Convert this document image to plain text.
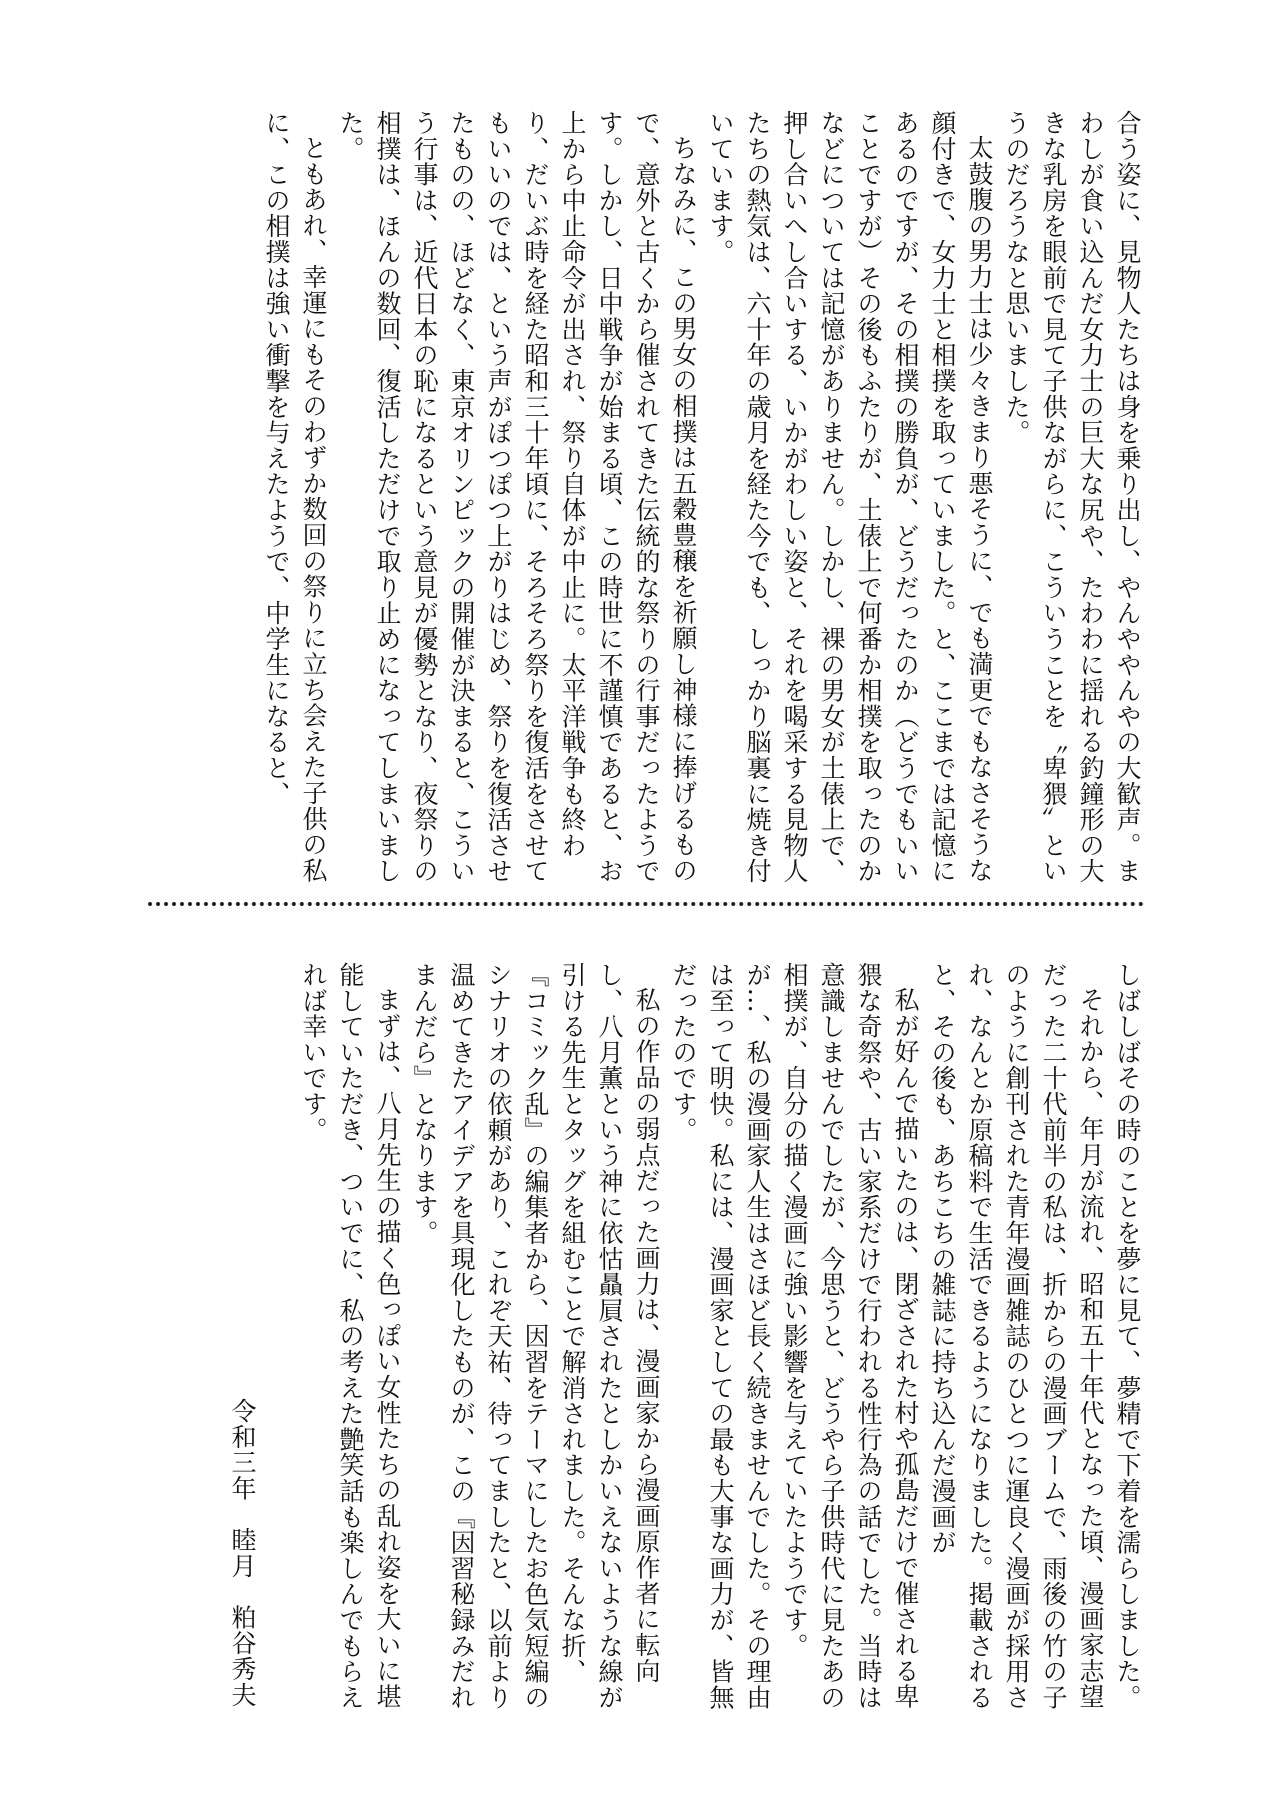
合う姿に、見物人たちは身を乗り出し、やんややんやの大歓声。まわしが食い込んだ女力士の巨大な尻や、たわわに揺れる釣鐘形の大きな乳房を眼前で見て子供ながらに、こういうことを〝卑猥〟というのだろうなと思いました。

太鼓腹の男力士は少々きまり悪そうに、でも満更でもなさそうな顔付きで、女力士と相撲を取っていました。と、ここまでは記憶にあるのですが、その相撲の勝負が、どうだったのか（どうでもいいことですが）その後もふたりが、土俵上で何番か相撲を取ったのかなどについては記憶がありません。しかし、裸の男女が土俵上で、押し合いへし合いする、いかがわしい姿と、それを喝采する見物人たちの熱気は、六十年の歳月を経た今でも、しっかり脳裏に焼き付いています。

ちなみに、この男女の相撲は五穀豊穣を祈願し神様に捧げるもので、意外と古くから催されてきた伝統的な祭りの行事だったようです。しかし、日中戦争が始まる頃、この時世に不謹慎であると、お上から中止命令が出され、祭り自体が中止に。太平洋戦争も終わり、だいぶ時を経た昭和三十年頃に、そろそろ祭りを復活をさせてもいいのでは、という声がぽつぽつ上がりはじめ、祭りを復活させたものの、ほどなく、東京オリンピックの開催が決まると、こういう行事は、近代日本の恥になるという意見が優勢となり、夜祭りの相撲は、ほんの数回、復活しただけで取り止めになってしまいました。

ともあれ、幸運にもそのわずか数回の祭りに立ち会えた子供の私に、この相撲は強い衝撃を与えたようで、中学生になると、

しばしばその時のことを夢に見て、夢精で下着を濡らしました。

それから、年月が流れ、昭和五十年代となった頃、漫画家志望だった二十代前半の私は、折からの漫画ブームで、雨後の竹の子のように創刊された青年漫画雑誌のひとつに運良く漫画が採用され、なんとか原稿料で生活できるようになりました。掲載されると、その後も、あちこちの雑誌に持ち込んだ漫画が

私が好んで描いたのは、閉ざされた村や孤島だけで催される卑猥な奇祭や、古い家系だけで行われる性行為の話でした。当時は意識しませんでしたが、今思うと、どうやら子供時代に見たあの相撲が、自分の描く漫画に強い影響を与えていたようです。が…、私の漫画家人生はさほど長く続きませんでした。その理由は至って明快。私には、漫画家としての最も大事な画力が、皆無だったのです。

私の作品の弱点だった画力は、漫画家から漫画原作者に転向し、八月薫という神に依怙贔屓されたとしかいえないような線が引ける先生とタッグを組むことで解消されました。そんな折、『コミック乱』の編集者から、因習をテーマにしたお色気短編のシナリオの依頼があり、これぞ天祐、待ってましたと、以前より温めてきたアイデアを具現化したものが、この『因習秘録みだれまんだら』となります。

まずは、八月先生の描く色っぽい女性たちの乱れ姿を大いに堪能していただき、ついでに、私の考えた艶笑話も楽しんでもらえれば幸いです。

令和三年　睦月　粕谷秀夫
